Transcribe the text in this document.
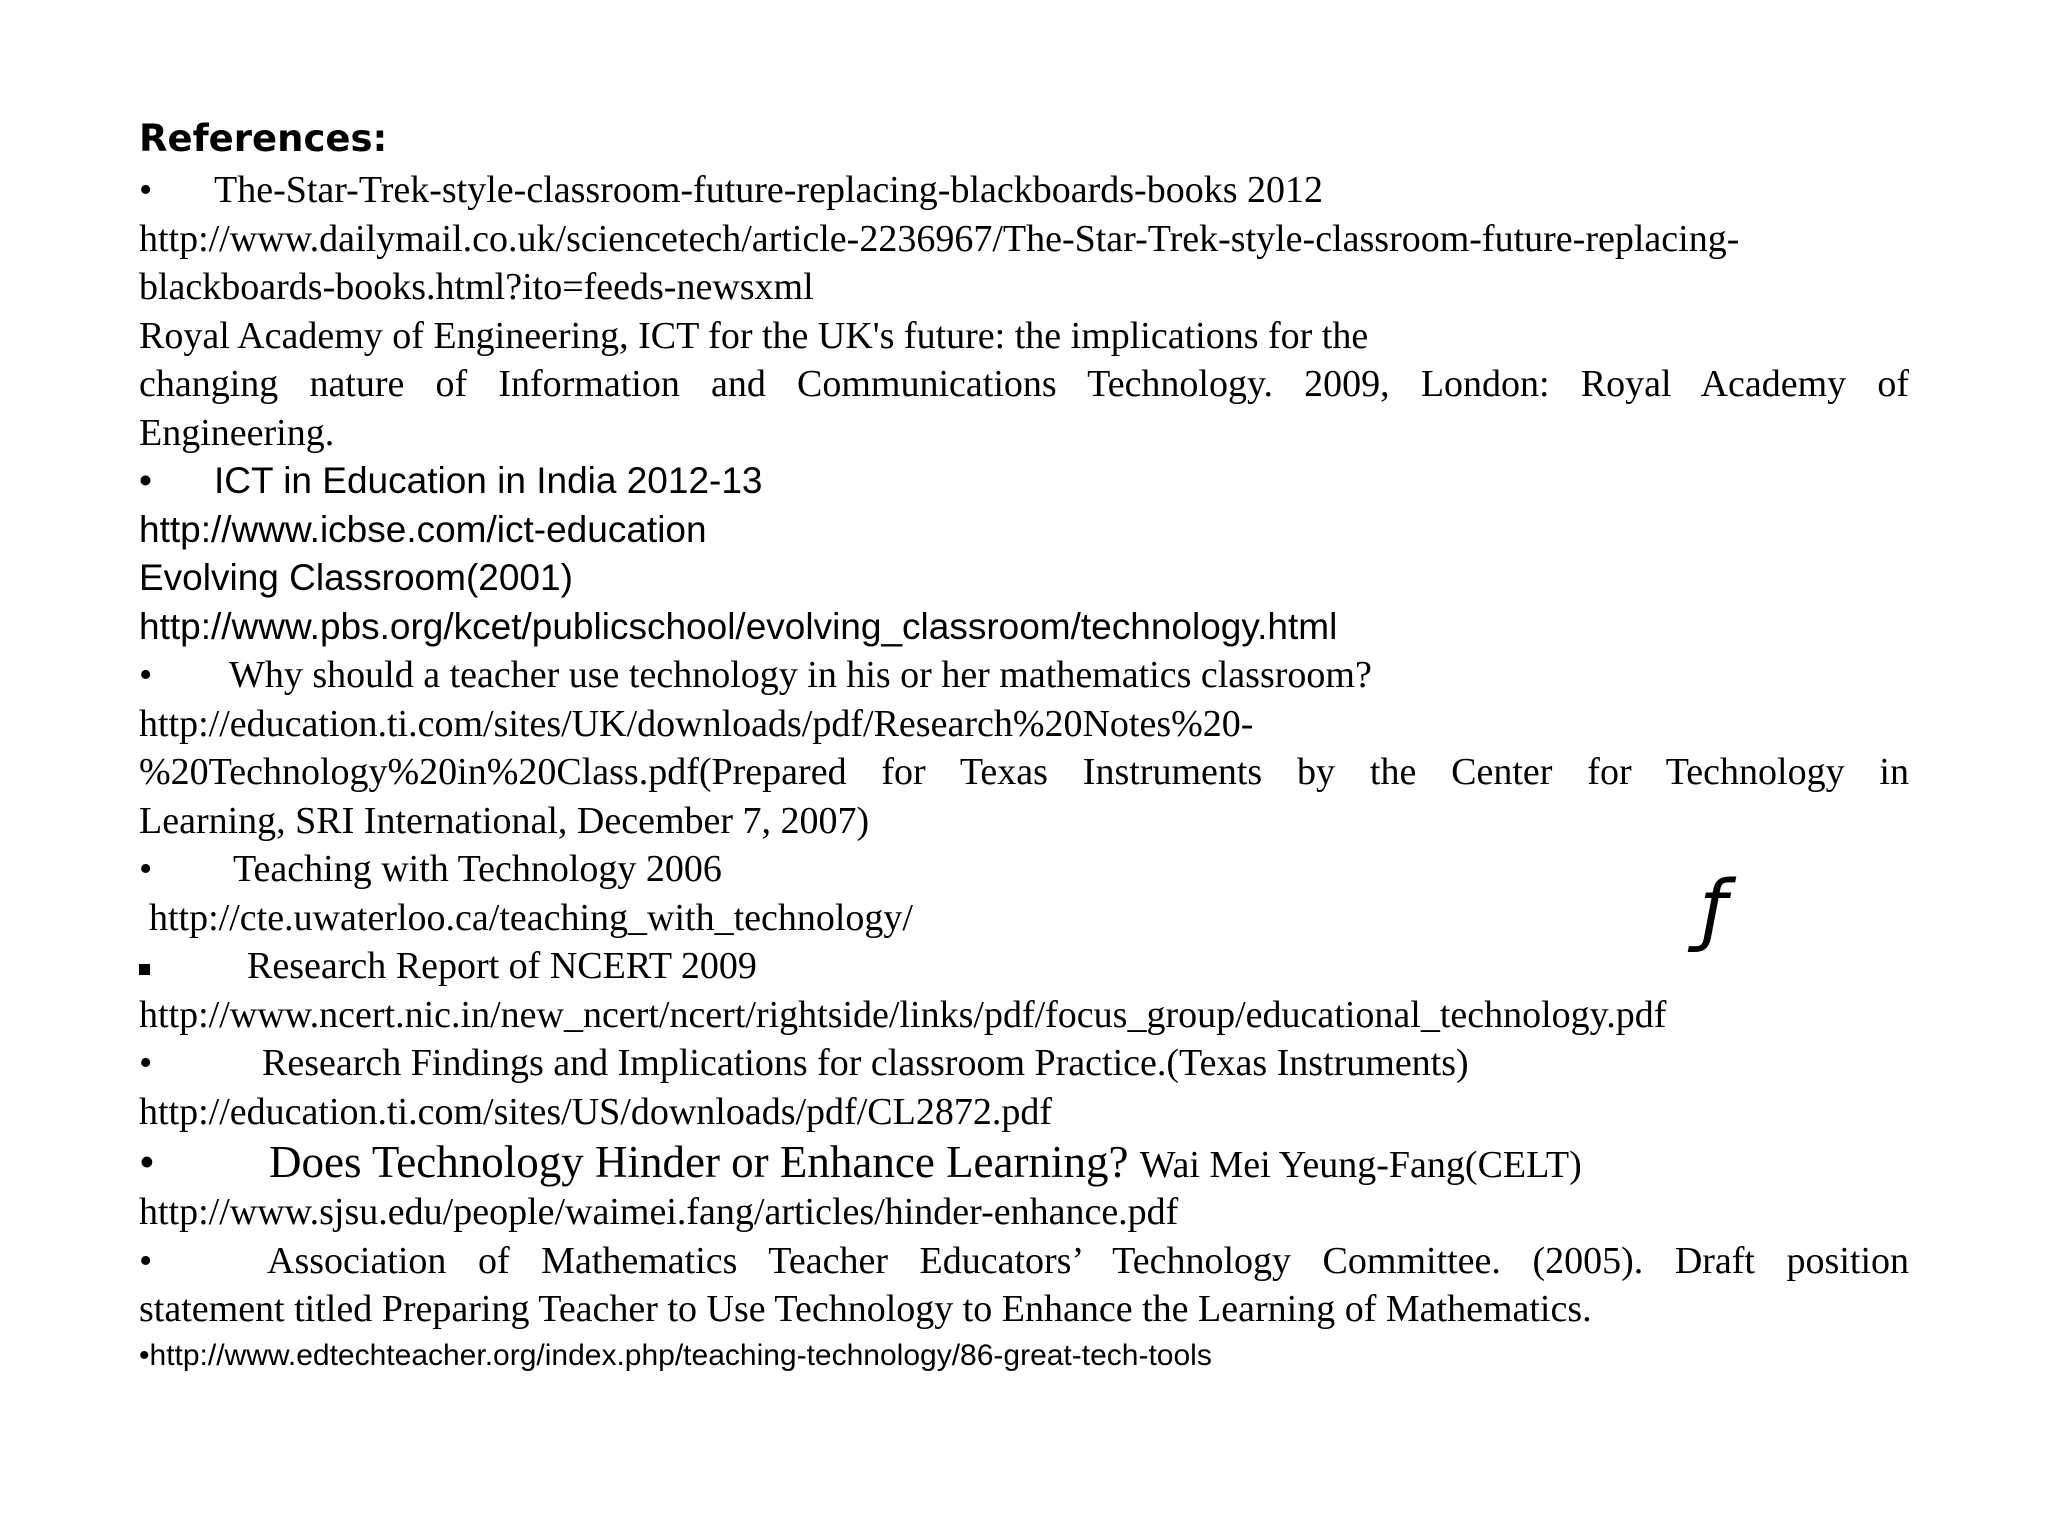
References:
• The-Star-Trek-style-classroom-future-replacing-blackboards-books 2012
http://www.dailymail.co.uk/sciencetech/article-2236967/The-Star-Trek-style-classroom-future-replacing-
blackboards-books.html?ito=feeds-newsxml
Royal Academy of Engineering, ICT for the UK's future: the implications for the
changing nature of Information and Communications Technology. 2009, London: Royal Academy of
Engineering.
• ICT in Education in India 2012-13
http://www.icbse.com/ict-education
Evolving Classroom(2001)
http://www.pbs.org/kcet/publicschool/evolving_classroom/technology.html
• Why should a teacher use technology in his or her mathematics classroom?
http://education.ti.com/sites/UK/downloads/pdf/Research%20Notes%20-
%20Technology%20in%20Class.pdf(Prepared for Texas Instruments by the Center for Technology in
Learning, SRI International, December 7, 2007)
• Teaching with Technology 2006
http://cte.uwaterloo.ca/teaching_with_technology/
Research Report of NCERT 2009
http://www.ncert.nic.in/new_ncert/ncert/rightside/links/pdf/focus_group/educational_technology.pdf
•	Research Findings and Implications for classroom Practice.(Texas Instruments)
http://education.ti.com/sites/US/downloads/pdf/CL2872.pdf
•	Does Technology Hinder or Enhance Learning? Wai Mei Yeung-Fang(CELT)
http://www.sjsu.edu/people/waimei.fang/articles/hinder-enhance.pdf
•	Association of Mathematics Teacher Educators’ Technology Committee. (2005). Draft position
statement titled Preparing Teacher to Use Technology to Enhance the Learning of Mathematics.
•http://www.edtechteacher.org/index.php/teaching-technology/86-great-tech-tools
ƒ
